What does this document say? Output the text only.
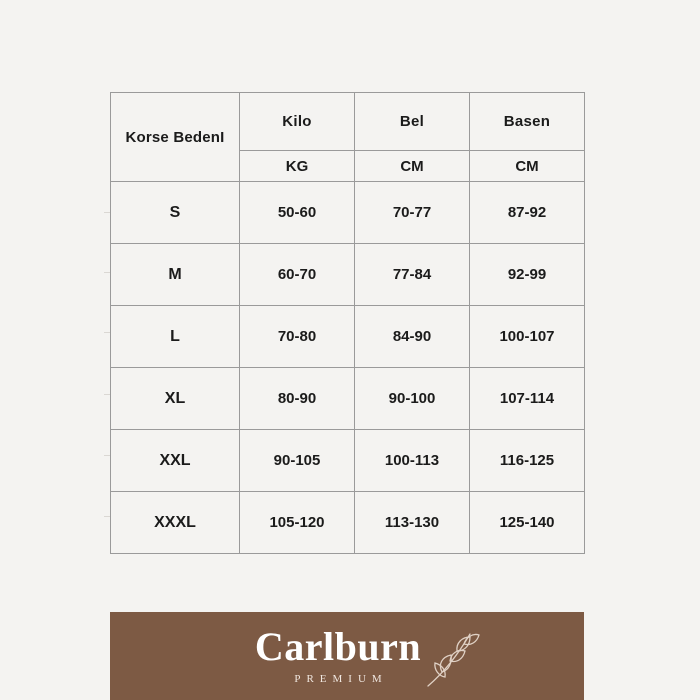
Korse BedenI	Kilo	Bel	Basen
	KG	CM	CM
S	50-60	70-77	87-92
M	60-70	77-84	92-99
L	70-80	84-90	100-107
XL	80-90	90-100	107-114
XXL	90-105	100-113	116-125
XXXL	105-120	113-130	125-140
Carlburn
PREMIUM
